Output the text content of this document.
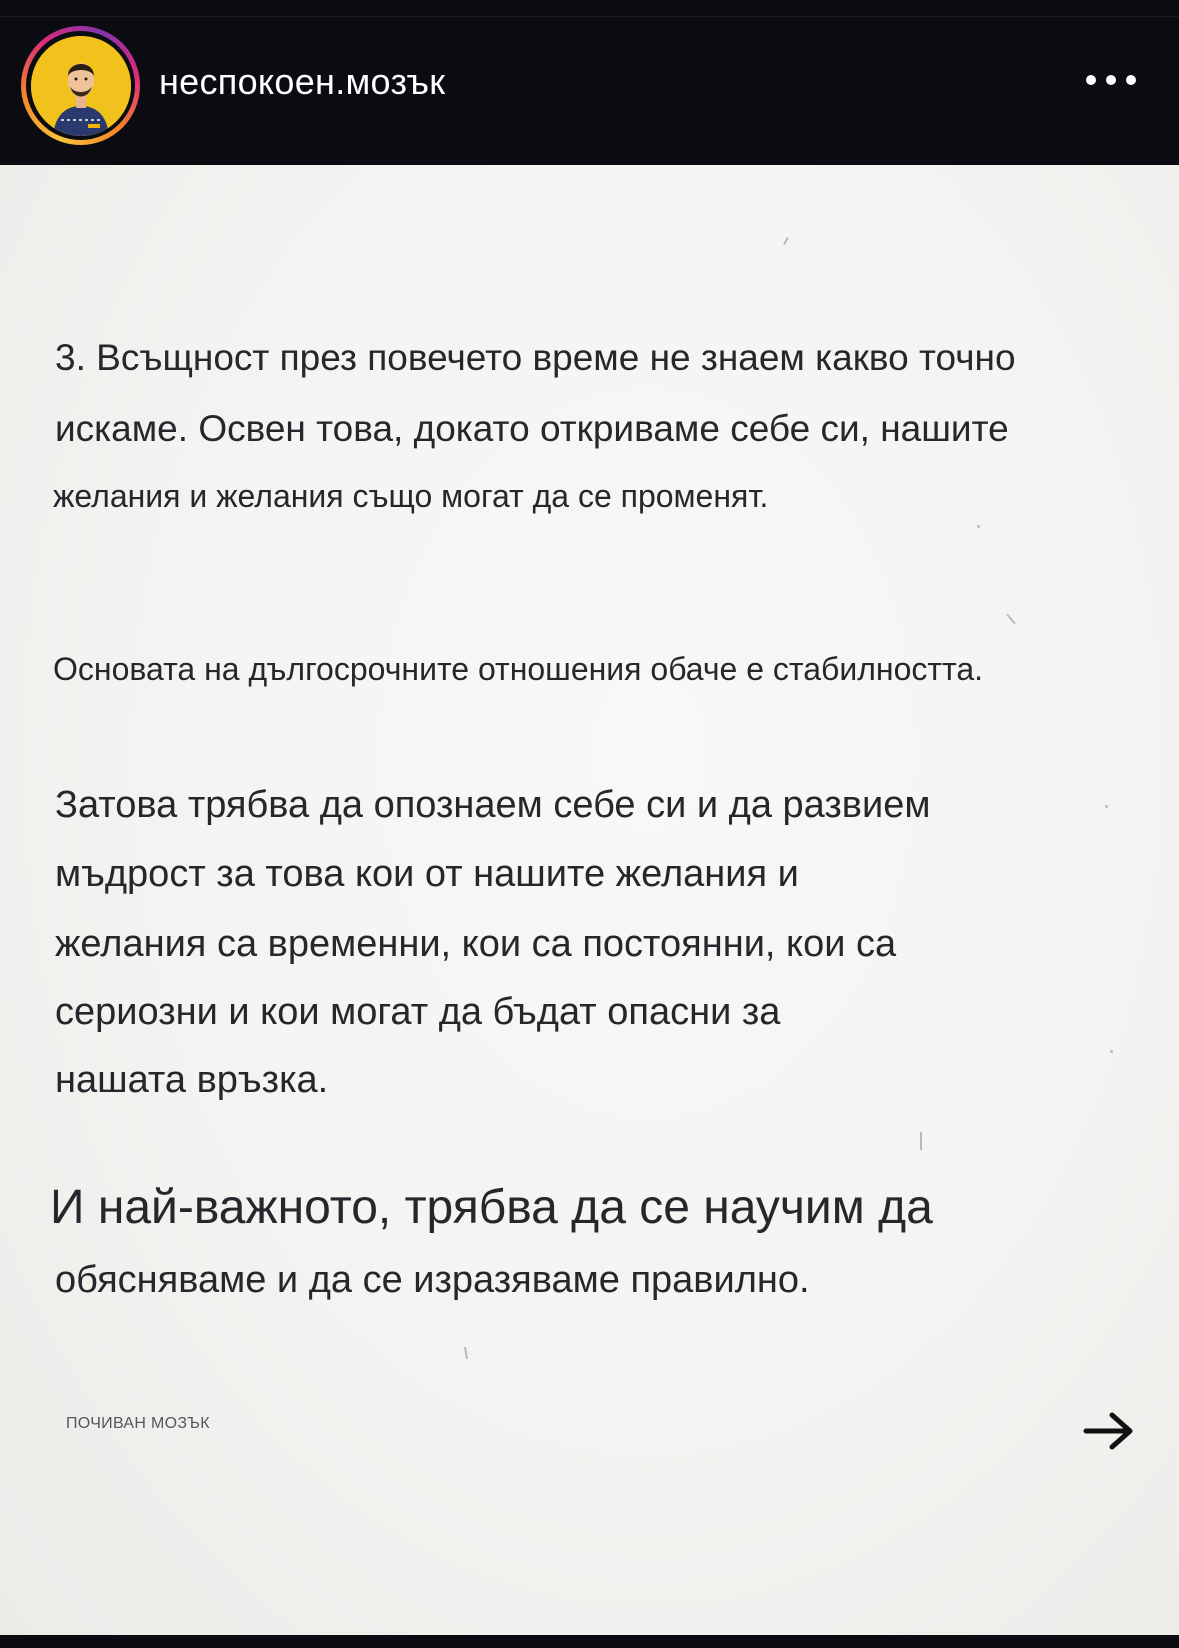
неспокоен.мозък
3. Всъщност през повечето време не знаем какво точно
искаме. Освен това, докато откриваме себе си, нашите
желания и желания също могат да се променят.
Основата на дългосрочните отношения обаче е стабилността.
Затова трябва да опознаем себе си и да развием
мъдрост за това кои от нашите желания и
желания са временни, кои са постоянни, кои са
сериозни и кои могат да бъдат опасни за
нашата връзка.
И най-важното, трябва да се научим да
обясняваме и да се изразяваме правилно.
ПОЧИВАН МОЗЪК
